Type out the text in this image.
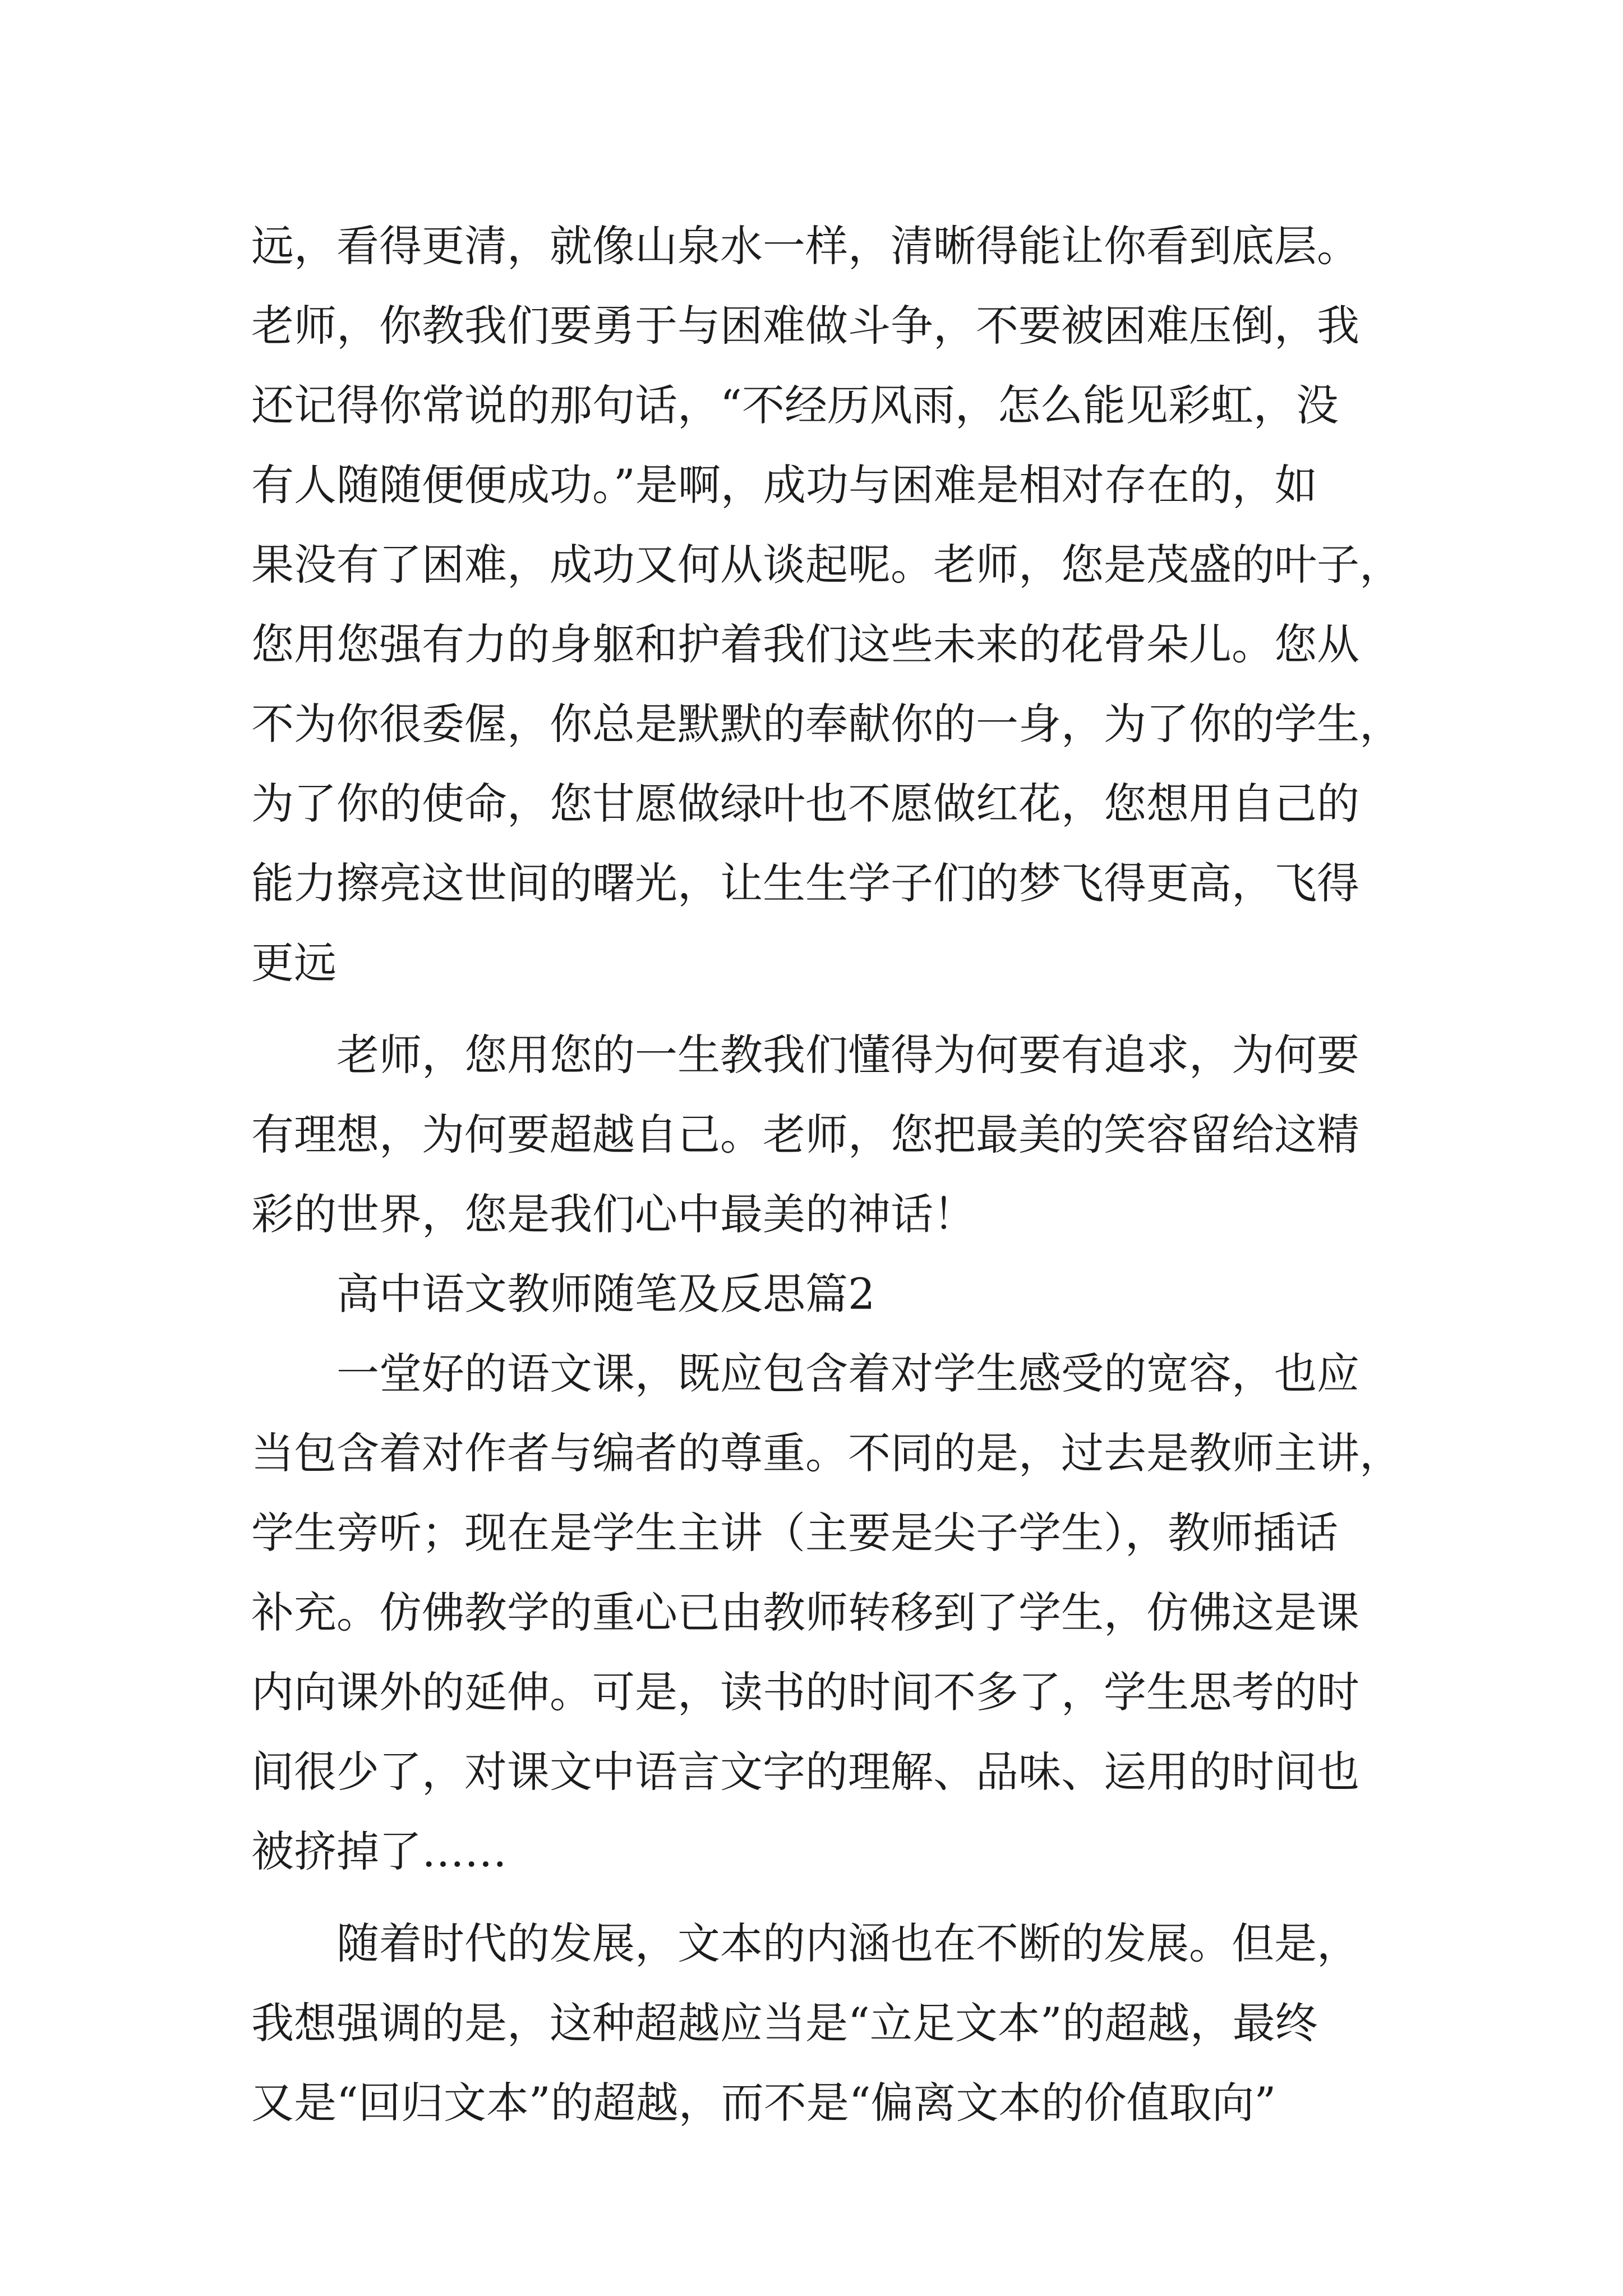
远，看得更清，就像山泉水一样，清晰得能让你看到底层。
老师，你教我们要勇于与困难做斗争，不要被困难压倒，我
还记得你常说的那句话，“不经历风雨，怎么能见彩虹，没
有人随随便便成功。”是啊，成功与困难是相对存在的，如
果没有了困难，成功又何从谈起呢。老师，您是茂盛的叶子，
您用您强有力的身躯和护着我们这些未来的花骨朵儿。您从
不为你很委偓，你总是默默的奉献你的一身，为了你的学生，
为了你的使命，您甘愿做绿叶也不愿做红花，您想用自己的
能力擦亮这世间的曙光，让生生学子们的梦飞得更高，飞得
更远
老师，您用您的一生教我们懂得为何要有追求，为何要
有理想，为何要超越自己。老师，您把最美的笑容留给这精
彩的世界，您是我们心中最美的神话！
高中语文教师随笔及反思篇2
一堂好的语文课，既应包含着对学生感受的宽容，也应
当包含着对作者与编者的尊重。不同的是，过去是教师主讲，
学生旁听；现在是学生主讲（主要是尖子学生），教师插话
补充。仿佛教学的重心已由教师转移到了学生，仿佛这是课
内向课外的延伸。可是，读书的时间不多了，学生思考的时
间很少了，对课文中语言文字的理解、品味、运用的时间也
被挤掉了……
随着时代的发展，文本的内涵也在不断的发展。但是，
我想强调的是，这种超越应当是“立足文本”的超越，最终
又是“回归文本”的超越，而不是“偏离文本的价值取向”
